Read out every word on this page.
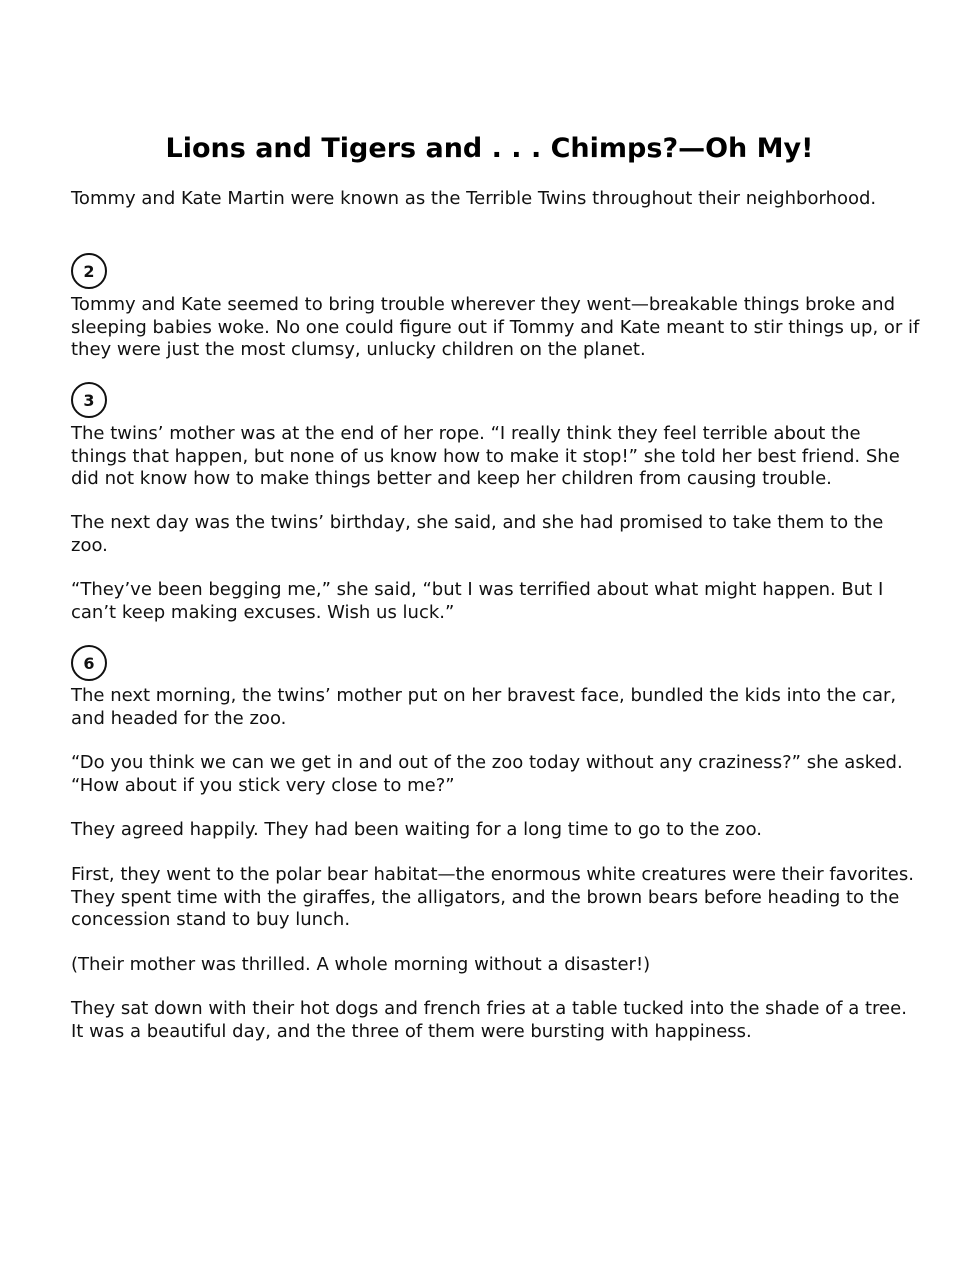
Lions and Tigers and . . . Chimps?—Oh My!

Tommy and Kate Martin were known as the Terrible Twins throughout their neighborhood.

2

Tommy and Kate seemed to bring trouble wherever they went—breakable things broke and sleeping babies woke. No one could figure out if Tommy and Kate meant to stir things up, or if they were just the most clumsy, unlucky children on the planet.

3

The twins’ mother was at the end of her rope. “I really think they feel terrible about the things that happen, but none of us know how to make it stop!” she told her best friend. She did not know how to make things better and keep her children from causing trouble.

The next day was the twins’ birthday, she said, and she had promised to take them to the zoo.

“They’ve been begging me,” she said, “but I was terrified about what might happen. But I can’t keep making excuses. Wish us luck.”

6

The next morning, the twins’ mother put on her bravest face, bundled the kids into the car, and headed for the zoo.

“Do you think we can we get in and out of the zoo today without any craziness?” she asked. “How about if you stick very close to me?”

They agreed happily. They had been waiting for a long time to go to the zoo.

First, they went to the polar bear habitat—the enormous white creatures were their favorites. They spent time with the giraffes, the alligators, and the brown bears before heading to the concession stand to buy lunch.

(Their mother was thrilled. A whole morning without a disaster!)

They sat down with their hot dogs and french fries at a table tucked into the shade of a tree. It was a beautiful day, and the three of them were bursting with happiness.
